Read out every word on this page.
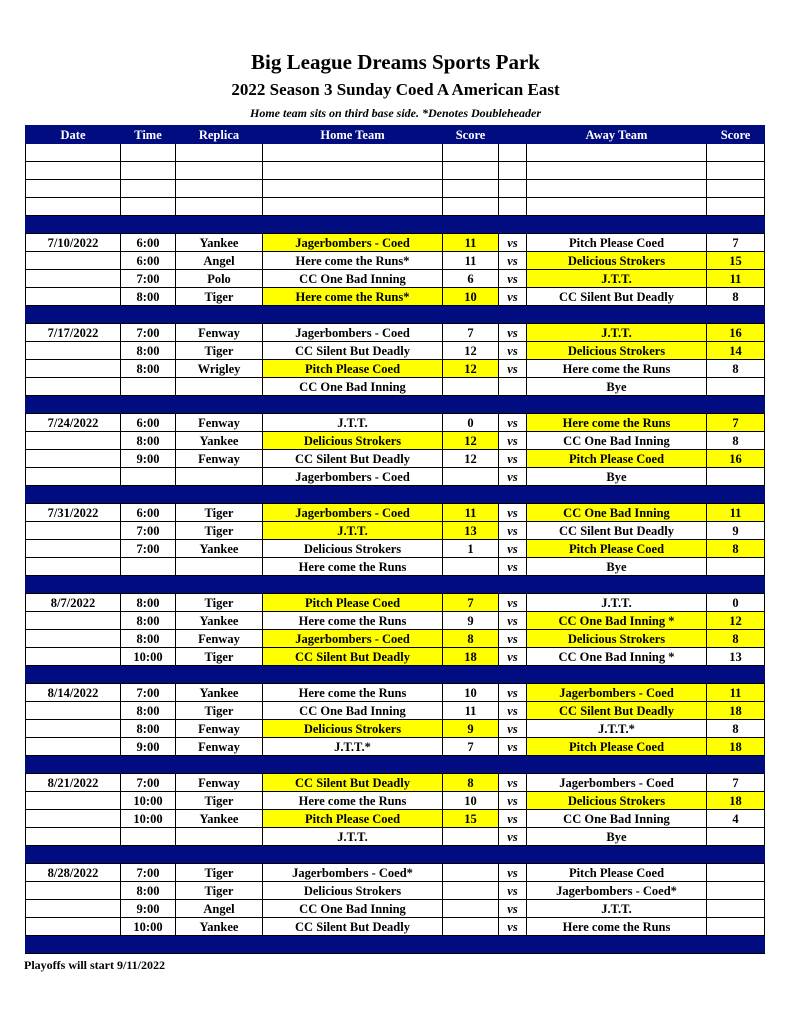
Big League Dreams Sports Park
2022 Season 3 Sunday Coed A American East
Home team sits on third base side. *Denotes Doubleheader
Date	Time	Replica	Home Team	Score		Away Team	Score

7/10/2022	6:00	Yankee	Jagerbombers - Coed	11	vs	Pitch Please Coed	7
	6:00	Angel	Here come the Runs*	11	vs	Delicious Strokers	15
	7:00	Polo	CC One Bad Inning	6	vs	J.T.T.	11
	8:00	Tiger	Here come the Runs*	10	vs	CC Silent But Deadly	8

7/17/2022	7:00	Fenway	Jagerbombers - Coed	7	vs	J.T.T.	16
	8:00	Tiger	CC Silent But Deadly	12	vs	Delicious Strokers	14
	8:00	Wrigley	Pitch Please Coed	12	vs	Here come the Runs	8
			CC One Bad Inning			Bye	

7/24/2022	6:00	Fenway	J.T.T.	0	vs	Here come the Runs	7
	8:00	Yankee	Delicious Strokers	12	vs	CC One Bad Inning	8
	9:00	Fenway	CC Silent But Deadly	12	vs	Pitch Please Coed	16
			Jagerbombers - Coed		vs	Bye	

7/31/2022	6:00	Tiger	Jagerbombers - Coed	11	vs	CC One Bad Inning	11
	7:00	Tiger	J.T.T.	13	vs	CC Silent But Deadly	9
	7:00	Yankee	Delicious Strokers	1	vs	Pitch Please Coed	8
			Here come the Runs		vs	Bye	

8/7/2022	8:00	Tiger	Pitch Please Coed	7	vs	J.T.T.	0
	8:00	Yankee	Here come the Runs	9	vs	CC One Bad Inning *	12
	8:00	Fenway	Jagerbombers - Coed	8	vs	Delicious Strokers	8
	10:00	Tiger	CC Silent But Deadly	18	vs	CC One Bad Inning *	13

8/14/2022	7:00	Yankee	Here come the Runs	10	vs	Jagerbombers - Coed	11
	8:00	Tiger	CC One Bad Inning	11	vs	CC Silent But Deadly	18
	8:00	Fenway	Delicious Strokers	9	vs	J.T.T.*	8
	9:00	Fenway	J.T.T.*	7	vs	Pitch Please Coed	18

8/21/2022	7:00	Fenway	CC Silent But Deadly	8	vs	Jagerbombers - Coed	7
	10:00	Tiger	Here come the Runs	10	vs	Delicious Strokers	18
	10:00	Yankee	Pitch Please Coed	15	vs	CC One Bad Inning	4
			J.T.T.		vs	Bye	

8/28/2022	7:00	Tiger	Jagerbombers - Coed*		vs	Pitch Please Coed	
	8:00	Tiger	Delicious Strokers		vs	Jagerbombers - Coed*	
	9:00	Angel	CC One Bad Inning		vs	J.T.T.	
	10:00	Yankee	CC Silent But Deadly		vs	Here come the Runs	

Playoffs will start 9/11/2022
